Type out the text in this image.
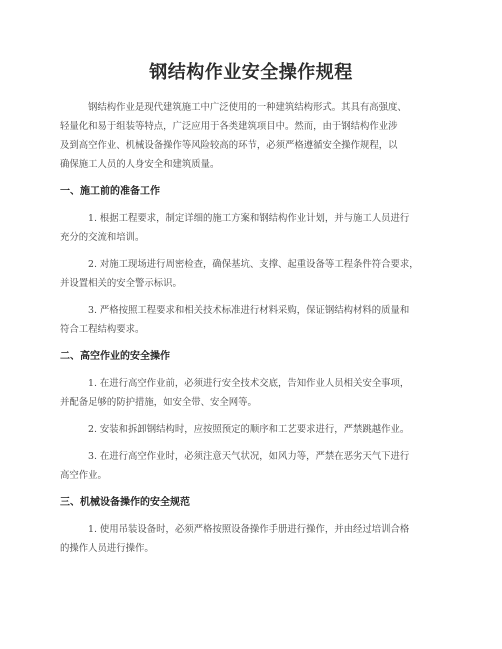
钢结构作业安全操作规程

钢结构作业是现代建筑施工中广泛使用的一种建筑结构形式。其具有高强度、
轻量化和易于组装等特点，广泛应用于各类建筑项目中。然而，由于钢结构作业涉
及到高空作业、机械设备操作等风险较高的环节，必须严格遵循安全操作规程，以
确保施工人员的人身安全和建筑质量。

一、施工前的准备工作

1. 根据工程要求，制定详细的施工方案和钢结构作业计划，并与施工人员进行
充分的交流和培训。

2. 对施工现场进行周密检查，确保基坑、支撑、起重设备等工程条件符合要求，
并设置相关的安全警示标识。

3. 严格按照工程要求和相关技术标准进行材料采购，保证钢结构材料的质量和
符合工程结构要求。

二、高空作业的安全操作

1. 在进行高空作业前，必须进行安全技术交底，告知作业人员相关安全事项，
并配备足够的防护措施，如安全带、安全网等。

2. 安装和拆卸钢结构时，应按照预定的顺序和工艺要求进行，严禁跳越作业。

3. 在进行高空作业时，必须注意天气状况，如风力等，严禁在恶劣天气下进行
高空作业。

三、机械设备操作的安全规范

1. 使用吊装设备时，必须严格按照设备操作手册进行操作，并由经过培训合格
的操作人员进行操作。
